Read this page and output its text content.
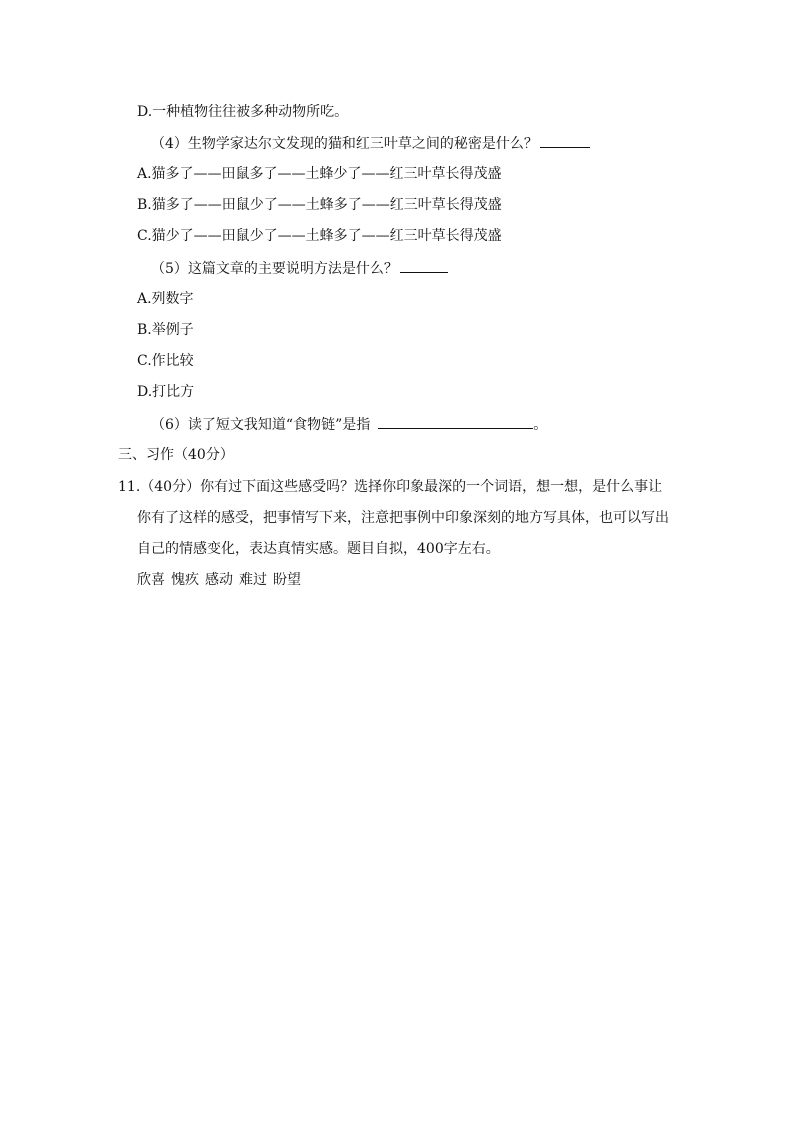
D.一种植物往往被多种动物所吃。
（4）生物学家达尔文发现的猫和红三叶草之间的秘密是什么？
A.猫多了——田鼠多了——土蜂少了——红三叶草长得茂盛
B.猫多了——田鼠少了——土蜂多了——红三叶草长得茂盛
C.猫少了——田鼠少了——土蜂多了——红三叶草长得茂盛
（5）这篇文章的主要说明方法是什么？
A.列数字
B.举例子
C.作比较
D.打比方
（6）读了短文我知道“食物链”是指	。
三、习作（40分）
11.（40分）你有过下面这些感受吗？选择你印象最深的一个词语，想一想，是什么事让
你有了这样的感受，把事情写下来，注意把事例中印象深刻的地方写具体，也可以写出
自己的情感变化，表达真情实感。题目自拟，400字左右。
欣喜 愧疚 感动 难过 盼望
